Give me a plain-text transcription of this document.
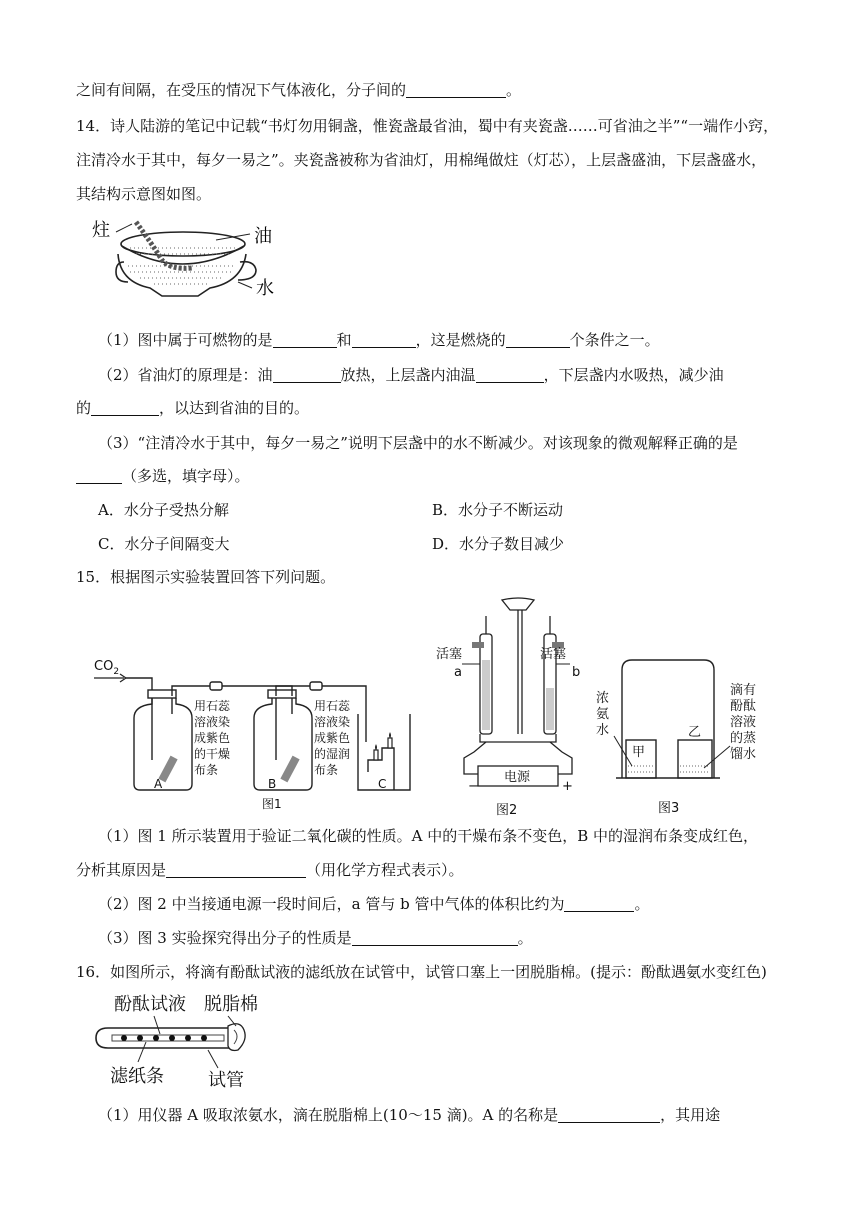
之间有间隔，在受压的情况下气体液化，分子间的	。
14．诗人陆游的笔记中记载“书灯勿用铜盏，惟瓷盏最省油，蜀中有夹瓷盏……可省油之半”“一端作小窍，
注清冷水于其中，每夕一易之”。夹瓷盏被称为省油灯，用棉绳做炷（灯芯），上层盏盛油，下层盏盛水，
其结构示意图如图。
炷	油
水
（1）图中属于可燃物的是	和	，这是燃烧的	个条件之一。
（2）省油灯的原理是：油	放热，上层盏内油温	，下层盏内水吸热，减少油
的	，以达到省油的目的。
（3）“注清冷水于其中，每夕一易之”说明下层盏中的水不断减少。对该现象的微观解释正确的是
（多选，填字母）。
A．水分子受热分解	B．水分子不断运动
C．水分子间隔变大	D．水分子数目减少
15．根据图示实验装置回答下列问题。
$CO_2$
用石蕊
溶液染
成紫色
的干燥
布条
用石蕊
溶液染
成紫色
的湿润
布条
A	B	C
图1
活塞	活塞
a	b
电源
−	+
图2
浓
氨
水
滴有
酚酞
溶液
的蒸
馏水
甲
乙
图3
（1）图 1 所示装置用于验证二氧化碳的性质。A 中的干燥布条不变色，B 中的湿润布条变成红色，
分析其原因是	（用化学方程式表示）。
（2）图 2 中当接通电源一段时间后，a 管与 b 管中气体的体积比约为	。
（3）图 3 实验探究得出分子的性质是	。
16．如图所示，将滴有酚酞试液的滤纸放在试管中，试管口塞上一团脱脂棉。(提示：酚酞遇氨水变红色)
酚酞试液 脱脂棉
滤纸条 试管
（1）用仪器 A 吸取浓氨水，滴在脱脂棉上(10～15 滴)。A 的名称是	，其用途
